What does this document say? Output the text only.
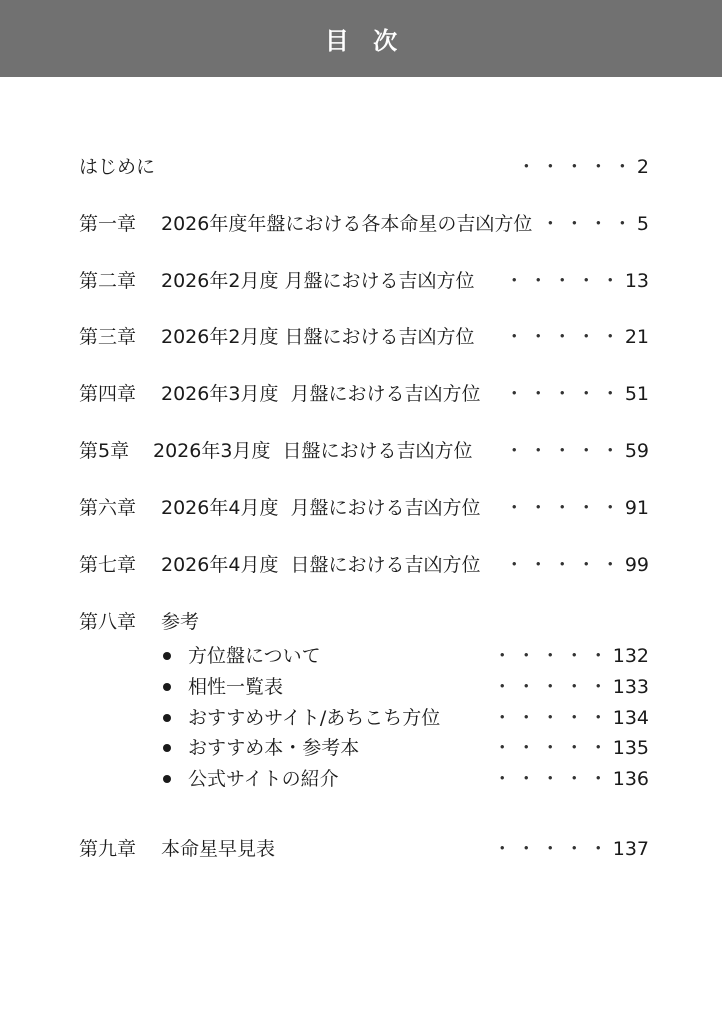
目 次
はじめに	・・・・・2
第一章 2026年度年盤における各本命星の吉凶方位 ・・・・5
第二章 2026年2月度 月盤における吉凶方位 ・・・・・13
第三章 2026年2月度 日盤における吉凶方位 ・・・・・21
第四章 2026年3月度  月盤における吉凶方位 ・・・・・51
第5章 2026年3月度  日盤における吉凶方位 ・・・・・59
第六章 2026年4月度  月盤における吉凶方位 ・・・・・91
第七章 2026年4月度  日盤における吉凶方位 ・・・・・99
第八章 参考
方位盤について	・・・・・132
相性一覧表	・・・・・133
おすすめサイト/あちこち方位	・・・・・134
おすすめ本・参考本	・・・・・135
公式サイトの紹介	・・・・・136
第九章 本命星早見表	・・・・・137
